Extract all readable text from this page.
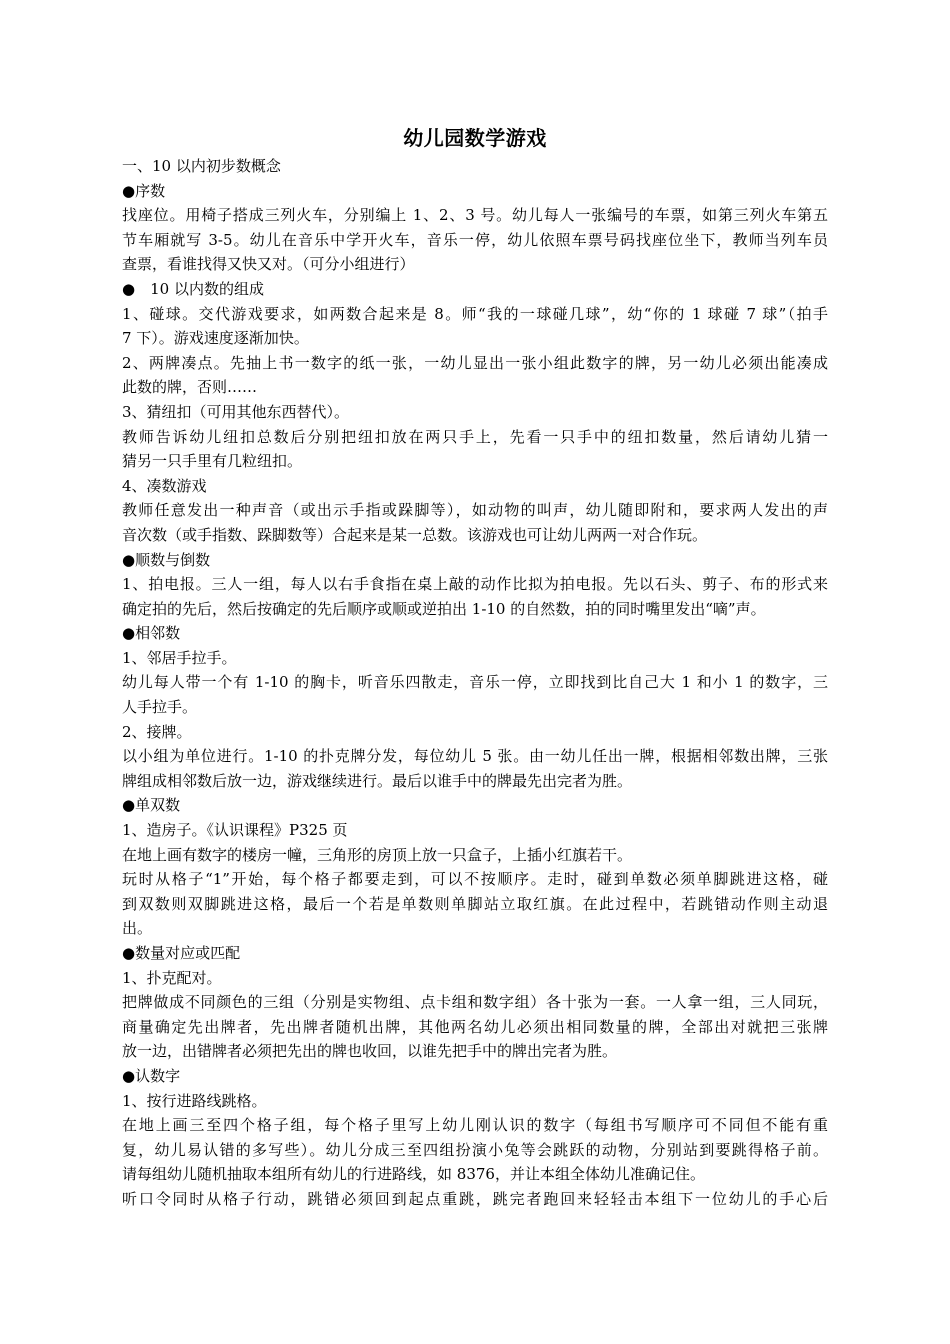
幼儿园数学游戏

一、10 以内初步数概念

●序数

找座位。用椅子搭成三列火车，分别编上 1、2、3 号。幼儿每人一张编号的车票，如第三列火车第五

节车厢就写 3-5。幼儿在音乐中学开火车，音乐一停，幼儿依照车票号码找座位坐下，教师当列车员

查票，看谁找得又快又对。（可分小组进行）

●　10 以内数的组成

1、碰球。交代游戏要求，如两数合起来是 8。师“我的一球碰几球”，幼“你的 1 球碰 7 球”（拍手

7 下）。游戏速度逐渐加快。

2、两牌凑点。先抽上书一数字的纸一张，一幼儿显出一张小组此数字的牌，另一幼儿必须出能凑成

此数的牌，否则……

3、猜纽扣（可用其他东西替代）。

教师告诉幼儿纽扣总数后分别把纽扣放在两只手上，先看一只手中的纽扣数量，然后请幼儿猜一

猜另一只手里有几粒纽扣。

4、凑数游戏

教师任意发出一种声音（或出示手指或跺脚等），如动物的叫声，幼儿随即附和，要求两人发出的声

音次数（或手指数、跺脚数等）合起来是某一总数。该游戏也可让幼儿两两一对合作玩。

●顺数与倒数

1、拍电报。三人一组，每人以右手食指在桌上敲的动作比拟为拍电报。先以石头、剪子、布的形式来

确定拍的先后，然后按确定的先后顺序或顺或逆拍出 1-10 的自然数，拍的同时嘴里发出“嘀”声。

●相邻数

1、邻居手拉手。

幼儿每人带一个有 1-10 的胸卡，听音乐四散走，音乐一停，立即找到比自己大 1 和小 1 的数字，三

人手拉手。

2、接牌。

以小组为单位进行。1-10 的扑克牌分发，每位幼儿 5 张。由一幼儿任出一牌，根据相邻数出牌，三张

牌组成相邻数后放一边，游戏继续进行。最后以谁手中的牌最先出完者为胜。

●单双数

1、造房子。《认识课程》P325 页

在地上画有数字的楼房一幢，三角形的房顶上放一只盒子，上插小红旗若干。

玩时从格子“1”开始，每个格子都要走到，可以不按顺序。走时，碰到单数必须单脚跳进这格，碰

到双数则双脚跳进这格，最后一个若是单数则单脚站立取红旗。在此过程中，若跳错动作则主动退

出。

●数量对应或匹配

1、扑克配对。

把牌做成不同颜色的三组（分别是实物组、点卡组和数字组）各十张为一套。一人拿一组，三人同玩，

商量确定先出牌者，先出牌者随机出牌，其他两名幼儿必须出相同数量的牌，全部出对就把三张牌

放一边，出错牌者必须把先出的牌也收回，以谁先把手中的牌出完者为胜。

●认数字

1、按行进路线跳格。

在地上画三至四个格子组，每个格子里写上幼儿刚认识的数字（每组书写顺序可不同但不能有重

复，幼儿易认错的多写些）。幼儿分成三至四组扮演小兔等会跳跃的动物，分别站到要跳得格子前。

请每组幼儿随机抽取本组所有幼儿的行进路线，如 8376，并让本组全体幼儿准确记住。

听口令同时从格子行动，跳错必须回到起点重跳，跳完者跑回来轻轻击本组下一位幼儿的手心后
